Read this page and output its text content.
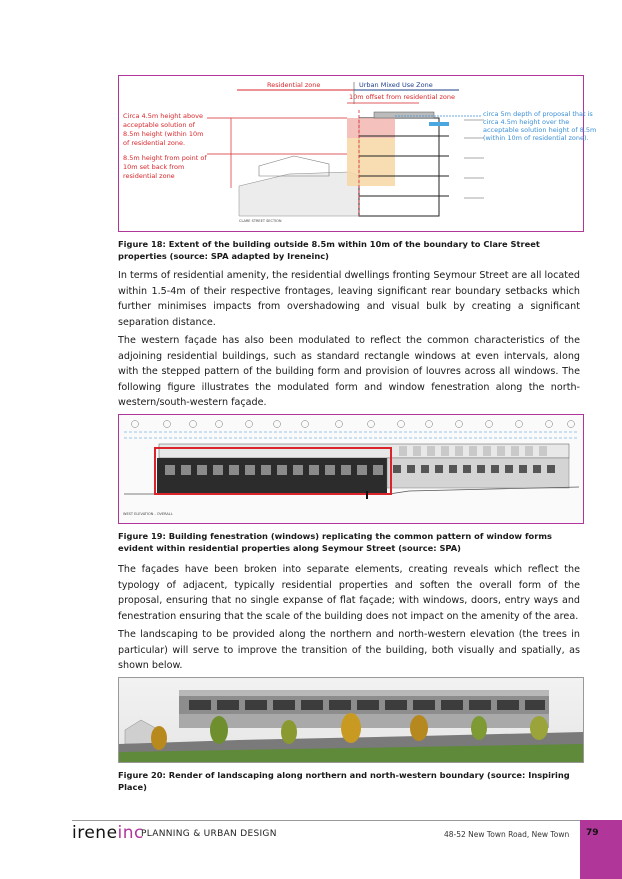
Residential zone	Urban Mixed Use Zone
10m offset from residential zone
Circa 4.5m height above acceptable solution of 8.5m height (within 10m of residential zone.
8.5m height from point of 10m set back from residential zone
circa 5m depth of proposal that is circa 4.5m height over the acceptable solution height of 8.5m (within 10m of residential zone).
CLARE STREET SECTION
Figure 18: Extent of the building outside 8.5m within 10m of the boundary to Clare Street properties (source: SPA adapted by Ireneinc)

In terms of residential amenity, the residential dwellings fronting Seymour Street are all located within 1.5-4m of their respective frontages, leaving significant rear boundary setbacks which further minimises impacts from overshadowing and visual bulk by creating a significant separation distance.

The western façade has also been modulated to reflect the common characteristics of the adjoining residential buildings, such as standard rectangle windows at even intervals, along with the stepped pattern of the building form and provision of louvres across all windows. The following figure illustrates the modulated form and window fenestration along the north-western/south-western façade.

WEST ELEVATION - OVERALL
Figure 19: Building fenestration (windows) replicating the common pattern of window forms evident within residential properties along Seymour Street (source: SPA)

The façades have been broken into separate elements, creating reveals which reflect the typology of adjacent, typically residential properties and soften the overall form of the proposal, ensuring that no single expanse of flat façade; with windows, doors, entry ways and fenestration ensuring that the scale of the building does not impact on the amenity of the area.

The landscaping to be provided along the northern and north-western elevation (the trees in particular) will serve to improve the transition of the building, both visually and spatially, as shown below.

Figure 20: Render of landscaping along northern and north-western boundary (source: Inspiring Place)
ireneinc
PLANNING & URBAN DESIGN	48-52 New Town Road, New Town 79
